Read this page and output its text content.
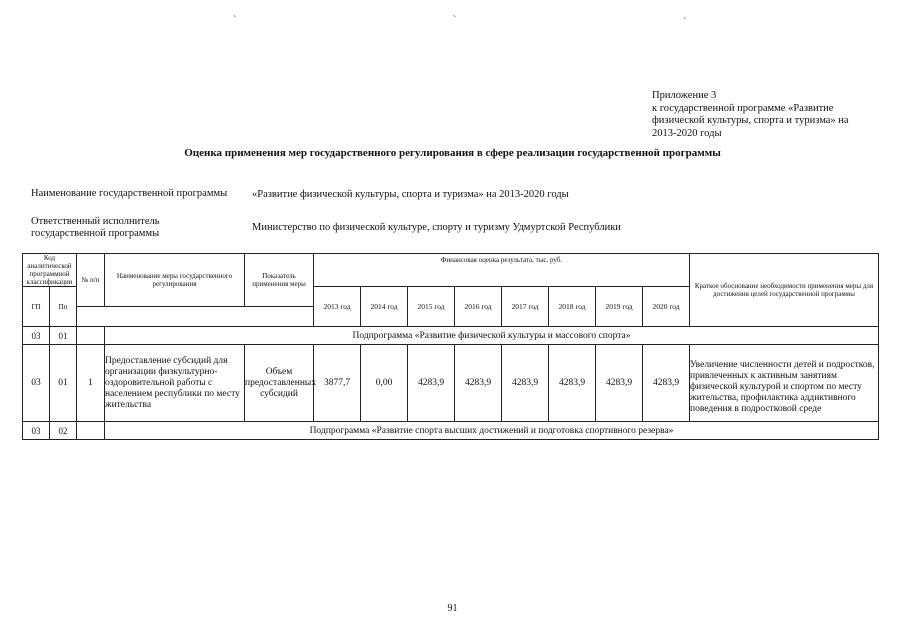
`	`	`
Приложение 3
к государственной программе «Развитие
физической культуры, спорта и туризма» на
2013-2020 годы
Оценка применения мер государственного регулирования в сфере реализации государственной программы
Наименование государственной программы «Развитие физической культуры, спорта и туризма» на 2013-2020 годы
Ответственный исполнитель
государственной программы
Министерство по физической культуре, спорту и туризму Удмуртской Республики
Код аналитической программной классификации		№ п/п	Наименование меры государственного регулирования	Показатель применения меры	Финансовая оценка результата, тыс. руб.								Краткое обоснование необходимости применения меры для достижения целей государственной программы
ГП	Пп				2013 год	2014 год	2015 год	2016 год	2017 год	2018 год	2019 год	2020 год	

03	01		Подпрограмма «Развитие физической культуры и массового спорта»										
03	01	1	Предоставление субсидий для организации физкультурно-оздоровительной работы с населением республики по месту жительства	Объем предоставленных субсидий	3877,7	0,00	4283,9	4283,9	4283,9	4283,9	4283,9	4283,9	Увеличение численности детей и подростков, привлеченных к активным занятиям физической культурой и спортом по месту жительства, профилактика аддиктивного поведения в подростковой среде
03	02		Подпрограмма «Развитие спорта высших достижений и подготовка спортивного резерва»										
91
